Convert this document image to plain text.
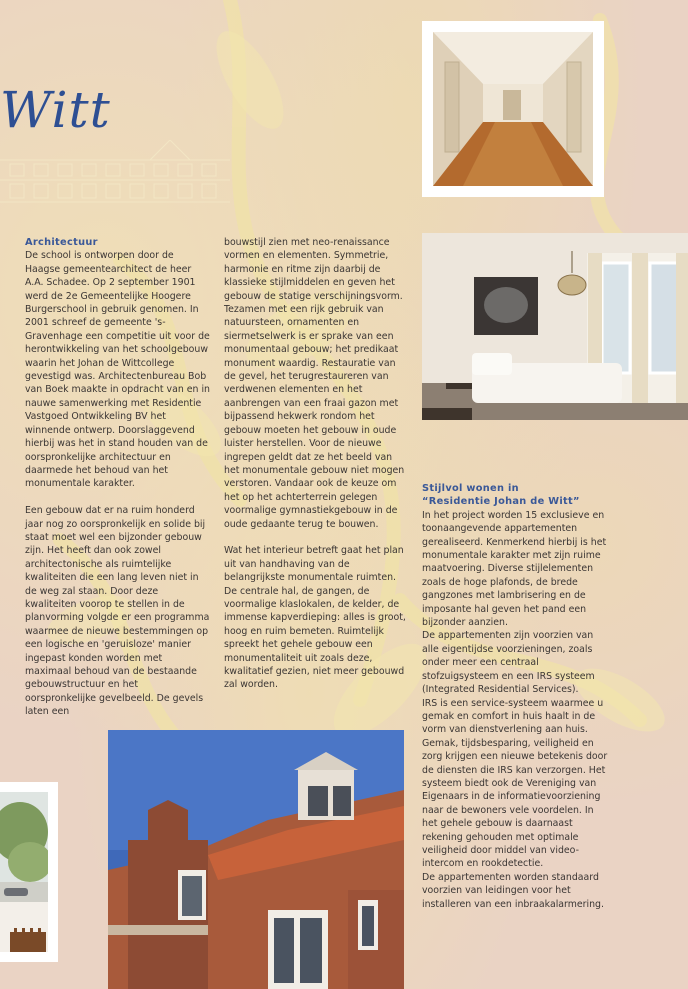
Witt

Architectuur

De school is ontworpen door de Haagse gemeentearchitect de heer A.A. Schadee. Op 2 september 1901 werd de 2e Gemeentelijke Hoogere Burgerschool in gebruik genomen. In 2001 schreef de gemeente 's-Gravenhage een competitie uit voor de herontwikkeling van het schoolgebouw waarin het Johan de Wittcollege gevestigd was. Architectenbureau Bob van Boek maakte in opdracht van en in nauwe samenwerking met Residentie Vastgoed Ontwikkeling BV het winnende ontwerp. Doorslaggevend hierbij was het in stand houden van de oorspronkelijke architectuur en daarmede het behoud van het monumentale karakter.

Een gebouw dat er na ruim honderd jaar nog zo oorspronkelijk en solide bij staat moet wel een bijzonder gebouw zijn. Het heeft dan ook zowel architectonische als ruimtelijke kwaliteiten die een lang leven niet in de weg zal staan. Door deze kwaliteiten voorop te stellen in de planvorming volgde er een programma waarmee de nieuwe bestemmingen op een logische en 'geruisloze' manier ingepast konden worden met maximaal behoud van de bestaande gebouwstructuur en het oorspronkelijke gevelbeeld. De gevels laten een

bouwstijl zien met neo-renaissance vormen en elementen. Symmetrie, harmonie en ritme zijn daarbij de klassieke stijlmiddelen en geven het gebouw de statige verschijningsvorm. Tezamen met een rijk gebruik van natuursteen, ornamenten en siermetselwerk is er sprake van een monumentaal gebouw; het predikaat monument waardig. Restauratie van de gevel, het terugrestaureren van verdwenen elementen en het aanbrengen van een fraai gazon met bijpassend hekwerk rondom het gebouw moeten het gebouw in oude luister herstellen. Voor de nieuwe ingrepen geldt dat ze het beeld van het monumentale gebouw niet mogen verstoren. Vandaar ook de keuze om het op het achterterrein gelegen voormalige gymnastiekgebouw in de oude gedaante terug te bouwen.

Wat het interieur betreft gaat het plan uit van handhaving van de belangrijkste monumentale ruimten. De centrale hal, de gangen, de voormalige klaslokalen, de kelder, de immense kapverdieping: alles is groot, hoog en ruim bemeten. Ruimtelijk spreekt het gehele gebouw een monumentaliteit uit zoals deze, kwalitatief gezien, niet meer gebouwd zal worden.

Stijlvol wonen in

“Residentie Johan de Witt”

In het project worden 15 exclusieve en toonaangevende appartementen gerealiseerd. Kenmerkend hierbij is het monumentale karakter met zijn ruime maatvoering. Diverse stijlelementen zoals de hoge plafonds, de brede gangzones met lambrisering en de imposante hal geven het pand een bijzonder aanzien.

De appartementen zijn voorzien van alle eigentijdse voorzieningen, zoals onder meer een centraal stofzuigsysteem en een IRS systeem (Integrated Residential Services).

IRS is een service-systeem waarmee u gemak en comfort in huis haalt in de vorm van dienstverlening aan huis. Gemak, tijdsbesparing, veiligheid en zorg krijgen een nieuwe betekenis door de diensten die IRS kan verzorgen. Het systeem biedt ook de Vereniging van Eigenaars in de informatievoorziening naar de bewoners vele voordelen. In het gehele gebouw is daarnaast rekening gehouden met optimale veiligheid door middel van video-intercom en rookdetectie.

De appartementen worden standaard voorzien van leidingen voor het installeren van een inbraakalarmering.
